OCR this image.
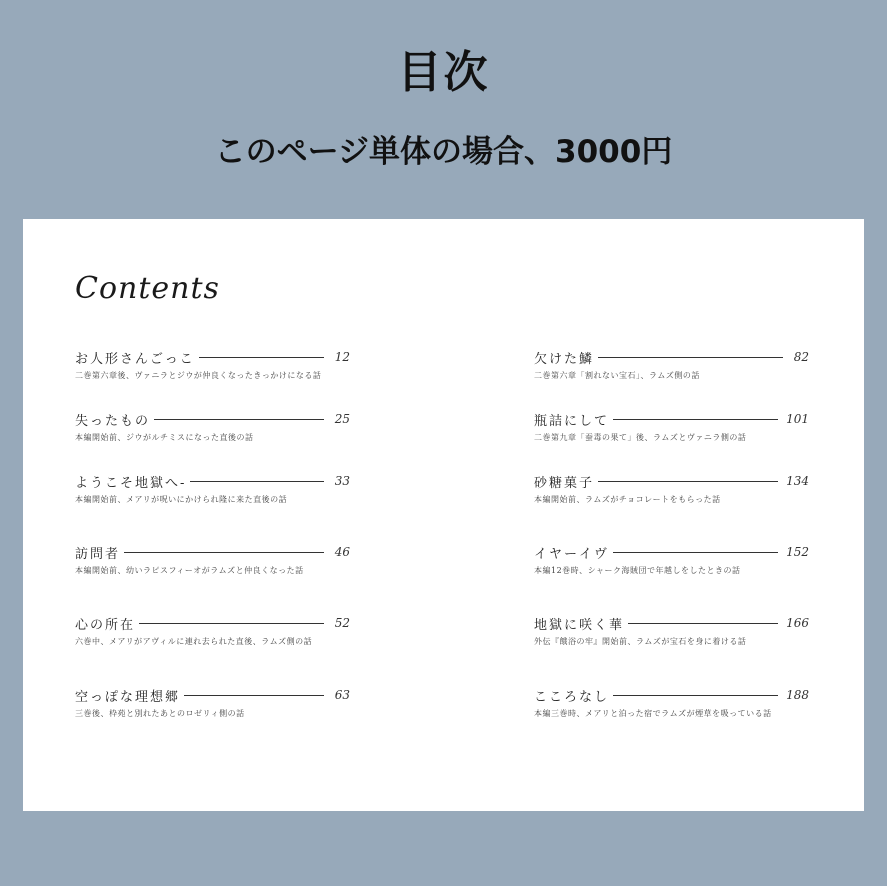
目次
このページ単体の場合、3000円
Contents
お人形さんごっこ	12
二巻第六章後、ヴァニラとジウが仲良くなったきっかけになる話
失ったもの	25
本編開始前、ジウがルチミスになった直後の話
ようこそ地獄へ-	33
本編開始前、メアリが呪いにかけられ隆に来た直後の話
訪問者	46
本編開始前、幼いラピスフィーオがラムズと仲良くなった話
心の所在	52
六巻中、メアリがアヴィルに連れ去られた直後、ラムズ側の話
空っぽな理想郷	63
三巻後、枠苑と別れたあとのロゼリィ側の話
欠けた鱗	82
二巻第六章「割れない宝石」、ラムズ側の話
瓶詰にして	101
二巻第九章「蚕毒の果て」後、ラムズとヴァニラ側の話
砂糖菓子	134
本編開始前、ラムズがチョコレートをもらった話
イヤーイヴ	152
本編12巻時、シャーク海賊団で年越しをしたときの話
地獄に咲く華	166
外伝『餓浴の牢』開始前、ラムズが宝石を身に着ける話
こころなし	188
本編三巻時、メアリと泊った宿でラムズが煙草を吸っている話
